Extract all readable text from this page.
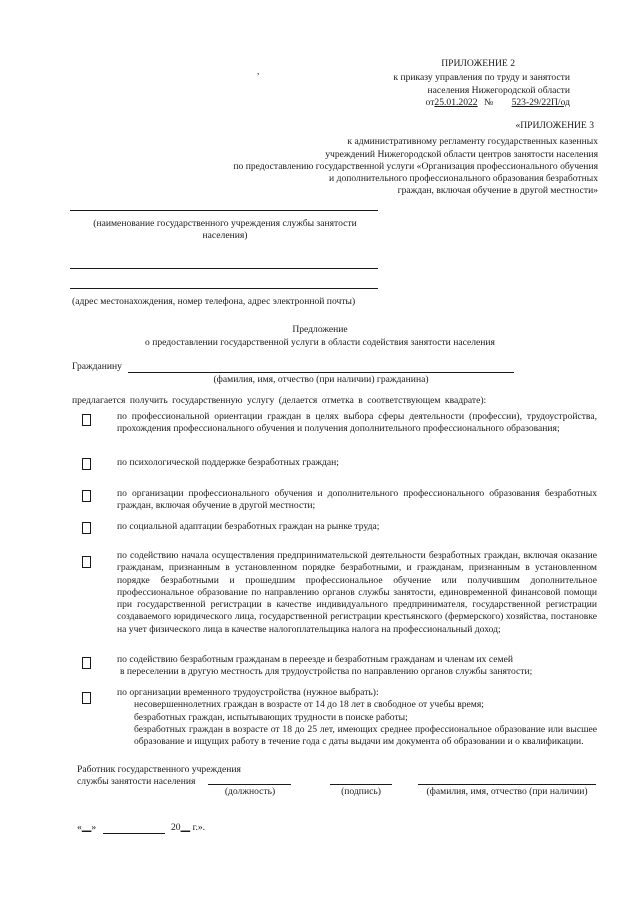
ПРИЛОЖЕНИЕ 2
к приказу управления по труду и занятости
населения Нижегородской области
от25.01.2022 № 523-29/22П/од
,
«ПРИЛОЖЕНИЕ 3
к административному регламенту государственных казенных
учреждений Нижегородской области центров занятости населения
по предоставлению государственной услуги «Организация профессионального обучения
и дополнительного профессионального образования безработных
граждан, включая обучение в другой местности»
(наименование государственного учреждения службы занятости населения)
(адрес местонахождения, номер телефона, адрес электронной почты)
Предложение
о предоставлении государственной услуги в области содействия занятости населения
Гражданину
(фамилия, имя, отчество (при наличии) гражданина)
предлагается получить государственную услугу (делается отметка в соответствующем квадрате):
по профессиональной ориентации граждан в целях выбора сферы деятельности (профессии), трудоустройства, прохождения профессионального обучения и получения дополнительного профессионального образования;
по психологической поддержке безработных граждан;
по организации профессионального обучения и дополнительного профессионального образования безработных граждан, включая обучение в другой местности;
по социальной адаптации безработных граждан на рынке труда;
по содействию начала осуществления предпринимательской деятельности безработных граждан, включая оказание гражданам, признанным в установленном порядке безработными, и гражданам, признанным в установленном порядке безработными и прошедшим профессиональное обучение или получившим дополнительное профессиональное образование по направлению органов службы занятости, единовременной финансовой помощи при государственной регистрации в качестве индивидуального предпринимателя, государственной регистрации создаваемого юридического лица, государственной регистрации крестьянского (фермерского) хозяйства, постановке на учет физического лица в качестве налогоплательщика налога на профессиональный доход;
по содействию безработным гражданам в переезде и безработным гражданам и членам их семей
в переселении в другую местность для трудоустройства по направлению органов службы занятости;
по организации временного трудоустройства (нужное выбрать):
несовершеннолетних граждан в возрасте от 14 до 18 лет в свободное от учебы время;
безработных граждан, испытывающих трудности в поиске работы;
безработных граждан в возрасте от 18 до 25 лет, имеющих среднее профессиональное образование или высшее образование и ищущих работу в течение года с даты выдачи им документа об образовании и о квалификации.
Работник государственного учреждения
службы занятости населения
(должность)	(подпись)	(фамилия, имя, отчество (при наличии)
«__»	20__ г.».
